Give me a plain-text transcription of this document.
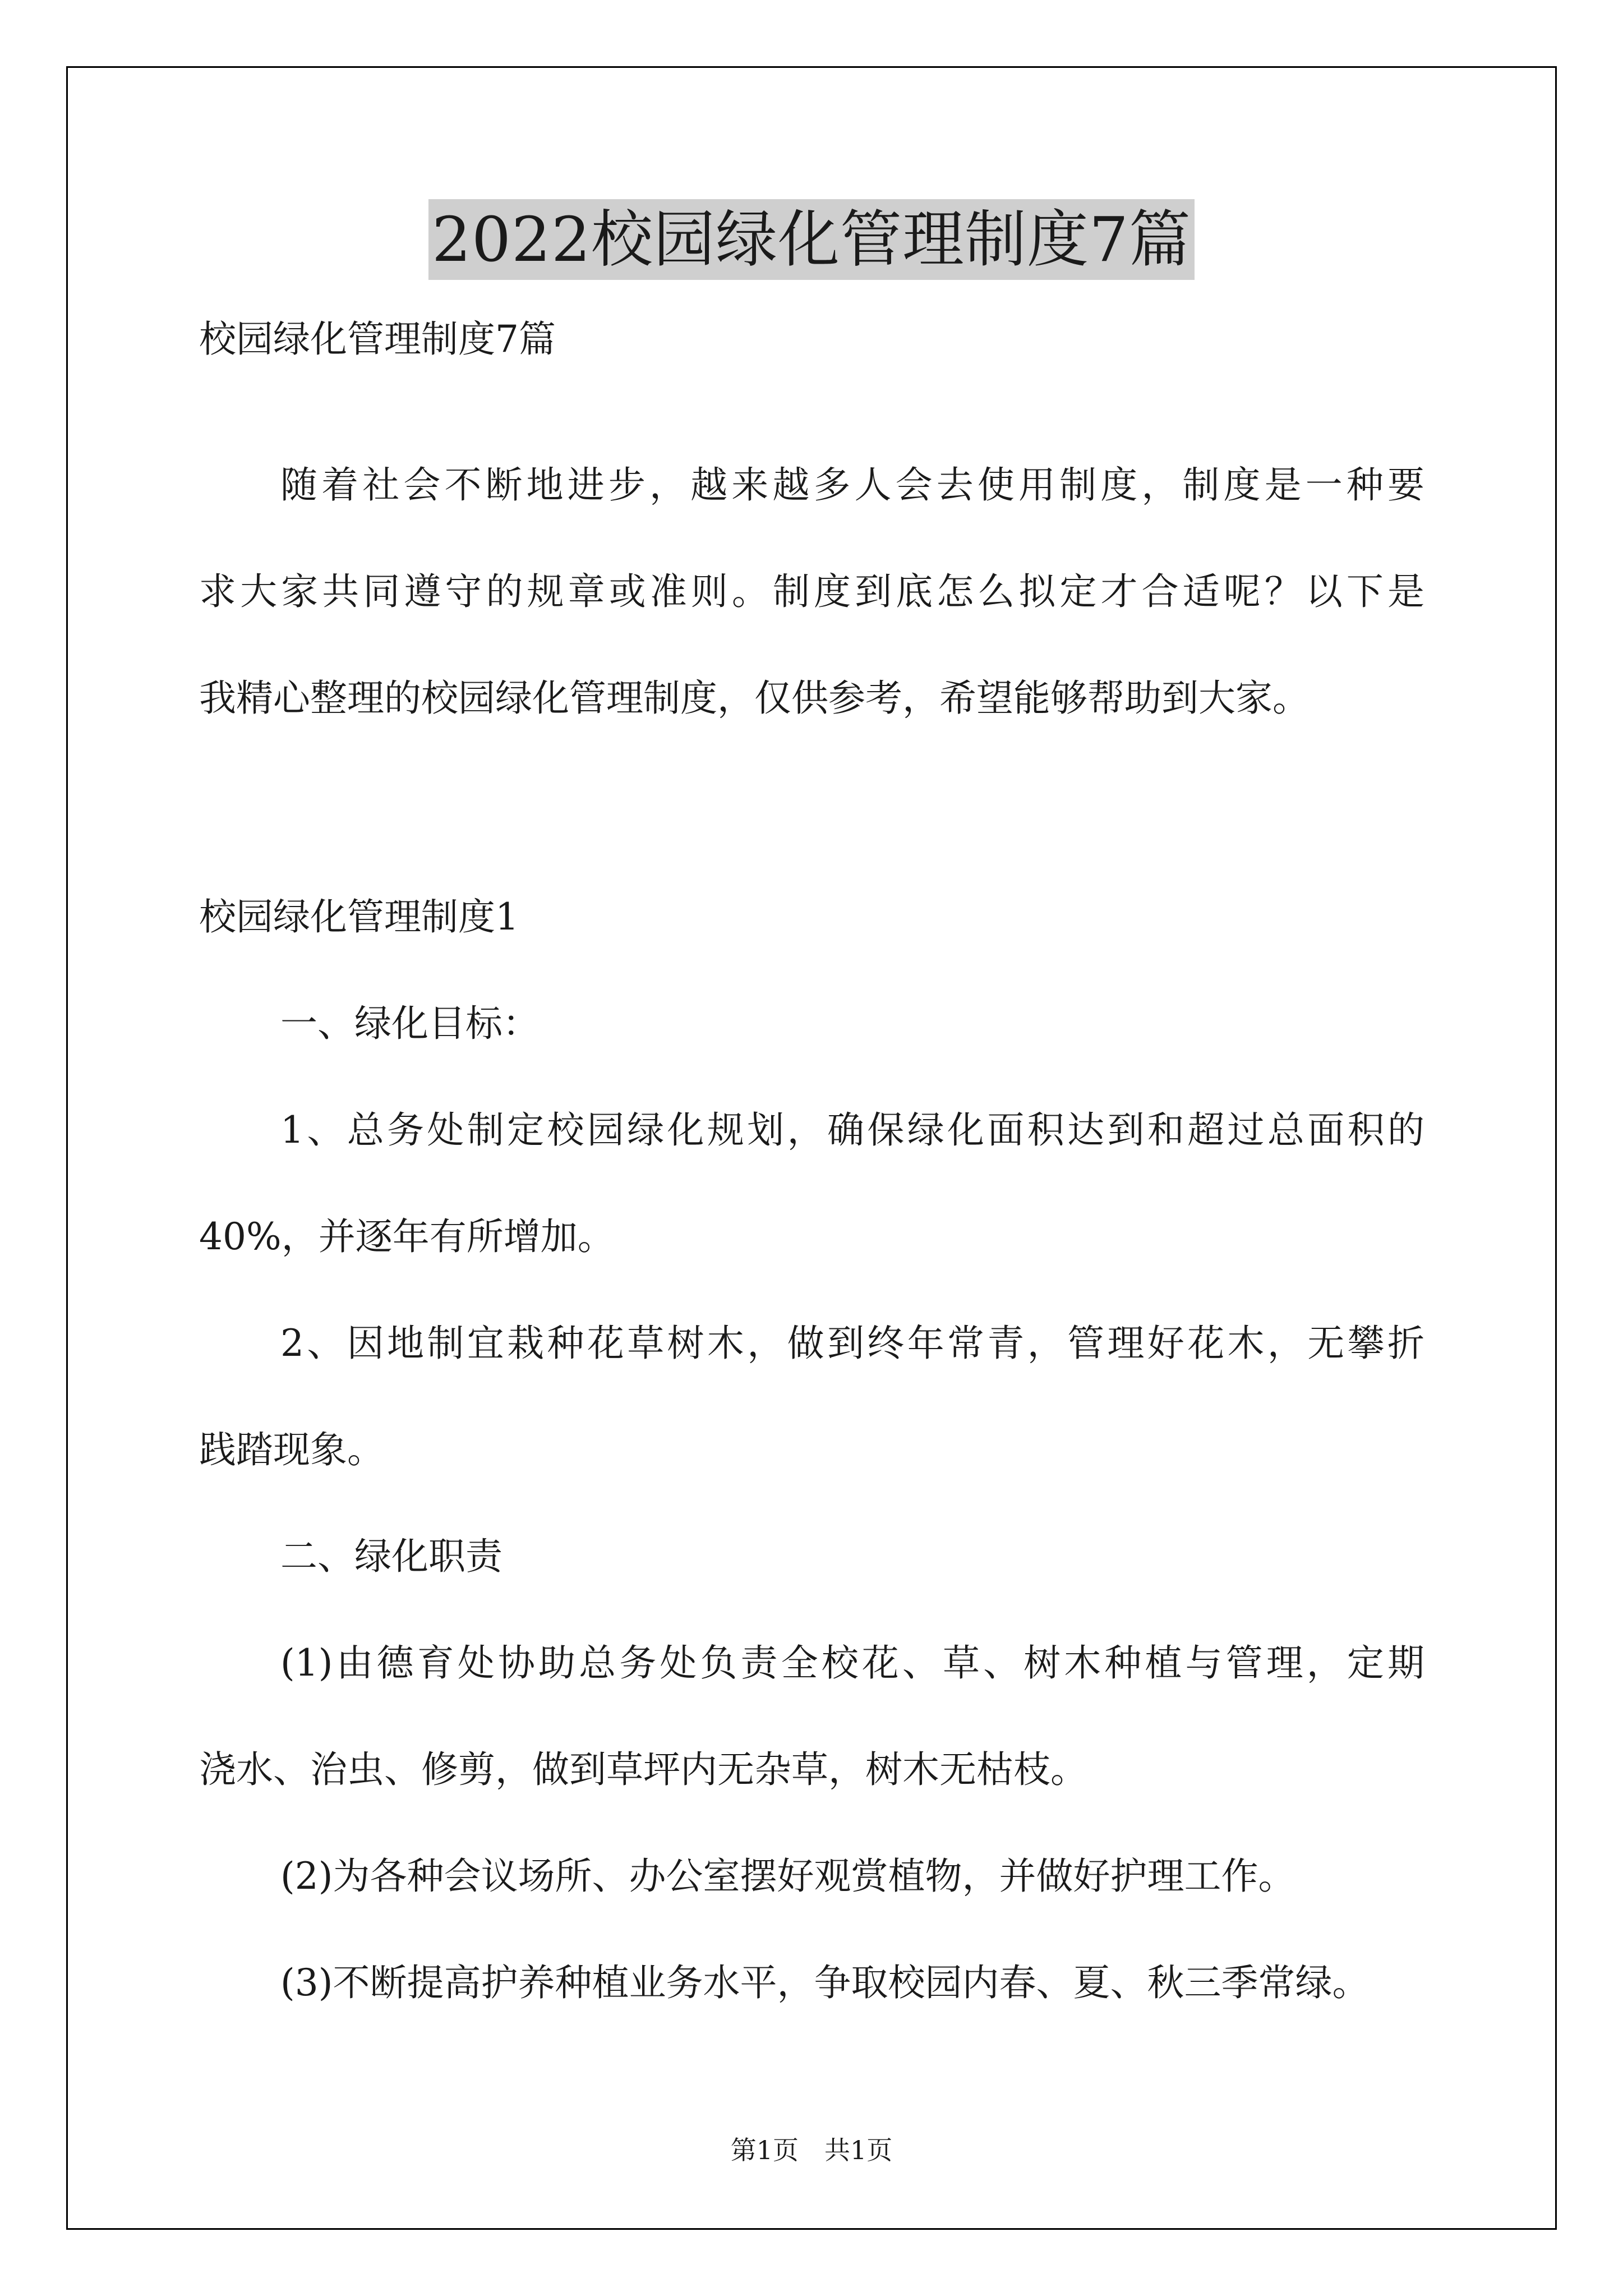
2022校园绿化管理制度7篇
校园绿化管理制度7篇
随着社会不断地进步，越来越多人会去使用制度，制度是一种要
求大家共同遵守的规章或准则。制度到底怎么拟定才合适呢？以下是
我精心整理的校园绿化管理制度，仅供参考，希望能够帮助到大家。
校园绿化管理制度1
一、绿化目标：
1、总务处制定校园绿化规划，确保绿化面积达到和超过总面积的
40%，并逐年有所增加。
2、因地制宜栽种花草树木，做到终年常青，管理好花木，无攀折
践踏现象。
二、绿化职责
(1)由德育处协助总务处负责全校花、草、树木种植与管理，定期
浇水、治虫、修剪，做到草坪内无杂草，树木无枯枝。
(2)为各种会议场所、办公室摆好观赏植物，并做好护理工作。
(3)不断提高护养种植业务水平，争取校园内春、夏、秋三季常绿。
第1页　共1页
